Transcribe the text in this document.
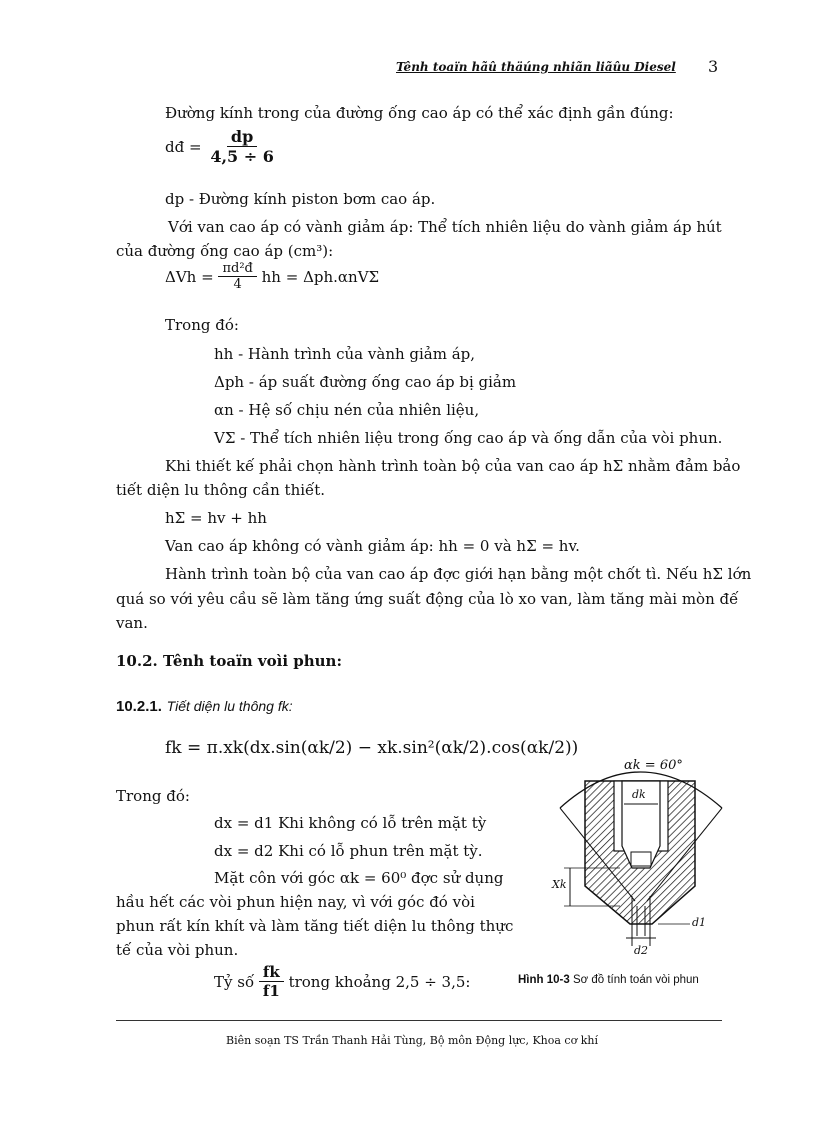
Tênh toaïn hãû thäúng nhiãn liãûu Diesel 3
Đường kính trong của đường ống cao áp có thể xác định gần đúng:
dđ = $\frac{dp}{4,5 \div 6}$
dp - Đường kính piston bơm cao áp.
Với van cao áp có vành giảm áp: Thể tích nhiên liệu do vành giảm áp hút
của đường ống cao áp (cm³):
$\Delta Vh = \frac{\text{πd²đ}}{4}$ hh = Δph.αnVΣ
Trong đó:
hh - Hành trình của vành giảm áp,
Δph - áp suất đường ống cao áp bị giảm
αn - Hệ số chịu nén của nhiên liệu,
VΣ - Thể tích nhiên liệu trong ống cao áp và ống dẫn của vòi phun.
Khi thiết kế phải chọn hành trình toàn bộ của van cao áp hΣ nhằm đảm bảo
tiết diện lu thông cần thiết.
hΣ = hv + hh
Van cao áp không có vành giảm áp: hh = 0 và hΣ = hv.
Hành trình toàn bộ của van cao áp đợc giới hạn bằng một chốt tì. Nếu hΣ lớn
quá so với yêu cầu sẽ làm tăng ứng suất động của lò xo van, làm tăng mài mòn đế
van.
10.2. Tênh toaïn voìi phun:
10.2.1. Tiết diện lu thông fk:
fk = π.xk(dx.sin(αk/2) − xk.sin²(αk/2).cos(αk/2))
Trong đó:
dx = d1 Khi không có lỗ trên mặt tỳ
dx = d2 Khi có lỗ phun trên mặt tỳ.
Mặt côn với góc αk = 60⁰ đợc sử dụng
hầu hết các vòi phun hiện nay, vì với góc đó vòi
phun rất kín khít và làm tăng tiết diện lu thông thực
tế của vòi phun.
Tỷ số $\frac{fk}{f1}$ trong khoảng 2,5 ÷ 3,5:
αk = 60°
dk
Xk
d1
d2
Hình 10-3 Sơ đồ tính toán vòi phun
Biên soạn TS Trần Thanh Hải Tùng, Bộ môn Động lực, Khoa cơ khí
